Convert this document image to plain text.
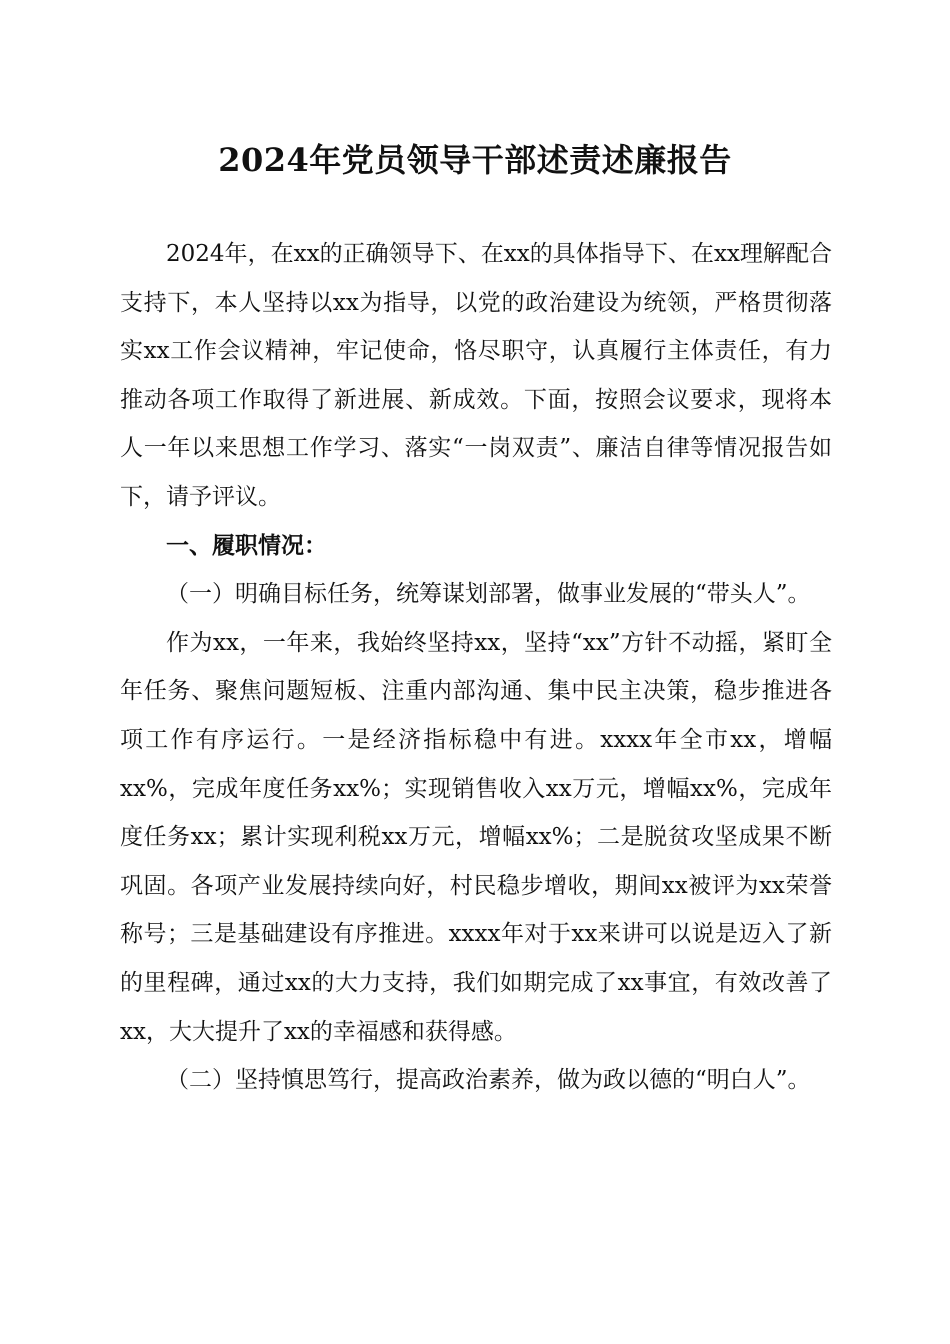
2024年党员领导干部述责述廉报告

2024年，在xx的正确领导下、在xx的具体指导下、在xx理解配合支持下，本人坚持以xx为指导，以党的政治建设为统领，严格贯彻落实xx工作会议精神，牢记使命，恪尽职守，认真履行主体责任，有力推动各项工作取得了新进展、新成效。下面，按照会议要求，现将本人一年以来思想工作学习、落实“一岗双责”、廉洁自律等情况报告如下，请予评议。

一、履职情况：

（一）明确目标任务，统筹谋划部署，做事业发展的“带头人”。

作为xx，一年来，我始终坚持xx，坚持“xx”方针不动摇，紧盯全年任务、聚焦问题短板、注重内部沟通、集中民主决策，稳步推进各项工作有序运行。一是经济指标稳中有进。xxxx年全市xx，增幅xx%，完成年度任务xx%；实现销售收入xx万元，增幅xx%，完成年度任务xx；累计实现利税xx万元，增幅xx%；二是脱贫攻坚成果不断巩固。各项产业发展持续向好，村民稳步增收，期间xx被评为xx荣誉称号；三是基础建设有序推进。xxxx年对于xx来讲可以说是迈入了新的里程碑，通过xx的大力支持，我们如期完成了xx事宜，有效改善了xx，大大提升了xx的幸福感和获得感。

（二）坚持慎思笃行，提高政治素养，做为政以德的“明白人”。
